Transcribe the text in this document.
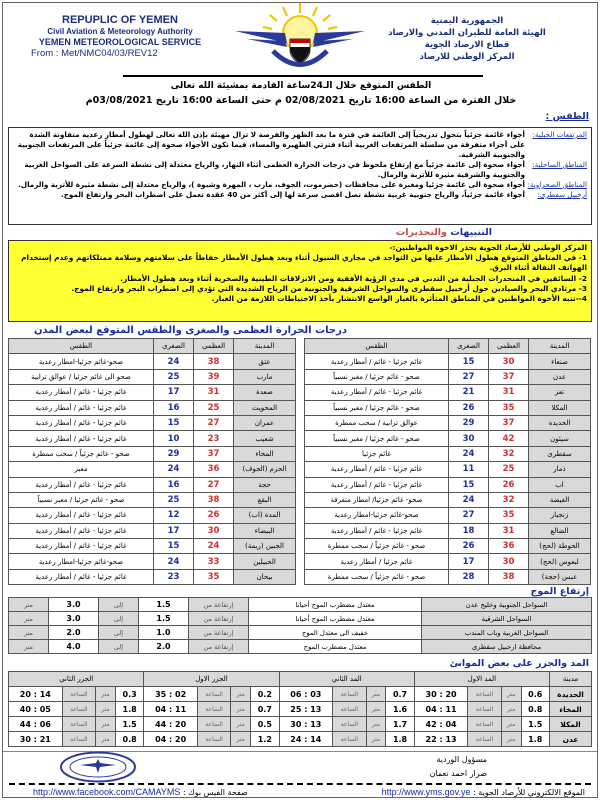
REPUPLIC OF YEMEN
Civil Aviation & Meteorology Authority
YEMEN METEOROLOGICAL SERVICE
From : Met/NMC04/03/REV12
الجمهورية اليمنية
الهيئة العامة للطيران المدني والارصاد
قطاع الارصاد الجوية
المركز الوطني للارصاد
الطقس المتوقع خلال الـ24ساعة القادمة بمشيئة الله تعالى
خلال الفترة من الساعة 16:00 تاريخ 02/08/2021 م حتى الساعة 16:00 تاريخ 03/08/2021م
الطقس :
المرتفعات الجبلية:
أجواء غائمة جزئياً بتحول تدريجياً إلى الغائمة في فترة ما بعد الظهر والفرصة لا تزال مهيئة بإذن الله تعالى لهطول أمطار رعدية متفاوتة الشدة على أجزاء متفرقة من سلسلة المرتفعات الغربية أثناء فترتي الظهيرة والمساء، فيما تكون الأجواء صحوة إلى غائمة جزئياً على المرتفعات الجنوبية والجنوبية الشرقية.
المناطق الساحلية:
أجواء صحوة إلى غائمة جزئياً مع إرتفاع ملحوظ في درجات الحرارة العظمى أثناء النهار، والرياح معتدلة إلى نشطة السرعة على السواحل الغربية والجنوبية والشرقية مثيرة للأتربة والرمال.
المناطق الصحراوية:
أجواء صحوة الى غائمة جزئيا ومغبرة على محافظات (حضرموت، الجوف، مارب ، المهرة وشبوة )، والرياح معتدلة إلى نشطة مثيرة للأتربة والرمال.
أرخبيل سقطرى:
أجواء غائمة جزئياً، والرياح جنوبية غربية نشطة تصل اقصى سرعة لها إلى أكثر من 40 عقدة تعمل على اضطراب البحر وارتفاع الموج.
التنبيهات والتحذيرات
المركز الوطني للأرصاد الجوية يحذر الاخوة المواطنين:-
1- في المناطق المتوقع هطول الأمطار عليها من التواجد في مجاري السيول أثناء وبعد هطول الأمطار حفاظاً على سلامتهم وسلامة ممتلكاتهم وعدم إستخدام الهواتف النقالة أثناء البرق.
2- السائقين في المنحدرات الجبلية من التدني في مدى الرؤية الأفقية ومن الانزلاقات الطينية والصخرية أثناء وبعد هطول الأمطار.
3- مرتادي البحر والصيادين حول أرخبيل سقطرى والسواحل الشرقية والجنوبية من الرياح الشديدة التي تؤدي إلى اضطراب البحر وارتفاع الموج.
4--تنبه الأخوة المواطنين في المناطق المتأثرة بالغبار الواسع الانتشار بأخذ الاحتياطات اللازمة من الغبار.
درجات الحرارة العظمى والصغرى والطقس المتوقع لبعض المدن
المدينة	العظمى	الصغرى	الطقس
صنعاء	30	15	غائم جزئيا - غائم / أمطار رعدية
عدن	37	27	صحو - غائم جزئيا / مغبر نسبياً
تعز	31	21	غائم جزئيا - غائم / أمطار رعدية
المكلا	35	26	صحو - غائم جزئيا / مغبر نسبياً
الحديدة	37	29	عوالق ترابية / سحب ممطرة
سيئون	42	30	صحو - غائم جزئيا / مغبر نسبياً
سقطرى	32	24	غائم جزئيا
ذمار	25	11	غائم جزئيا - غائم / أمطار رعدية
اب	26	15	غائم جزئيا - غائم / أمطار رعدية
الغيضة	32	24	صحو- غائم جزئيا/ امطار متفرقة
زنجبار	35	27	صحو-غائم جزئيا-امطار رعدية
الضالع	31	18	غائم جزئيا - غائم / أمطار رعدية
الحوطة (لحج)	36	26	صحو - غائم جزئياً / سحب ممطرة
لبعوس (لحج)	30	17	غائم جزئيا / أمطار رعدية
عبس (حجة)	38	28	صحو - غائم جزئياً / سحب ممطرة
المدينة	العظمى	الصغرى	الطقس
عتق	38	24	صحو-غائم جزئيا-امطار رعدية
مارب	39	25	صحو الى غائم جزئيا / عوالق ترابية
صعدة	31	17	غائم جزئيا - غائم / أمطار رعدية
المحويت	25	16	غائم جزئيا - غائم / أمطار رعدية
عمران	27	15	غائم جزئيا - غائم / أمطار رعدية
شعيب	23	10	غائم جزئيا - غائم / أمطار رعدية
المخاء	37	29	صحو - غائم جزئياً / سحب ممطرة
الحزم (الجوف)	36	24	مغبر
حجة	27	16	غائم جزئيا - غائم / أمطار رعدية
البقع	38	25	صحو - غائم جزئيا / مغبر نسبياً
المدة (اب)	26	12	غائم جزئيا - غائم / أمطار رعدية
البيضاء	30	17	غائم جزئيا - غائم / أمطار رعدية
الجبين (ريمة)	24	15	غائم جزئيا - غائم / أمطار رعدية
الحبيلين	33	24	صحو-غائم جزئيا-امطار رعدية
بيحان	35	23	غائم جزئيا - غائم / أمطار رعدية
إرتفاع الموج
السواحل الجنوبية وخليج عدن	معتدل مضطرب الموج أحيانا	إرتفاعة من	1.5	إلى	3.0	متر
السواحل الشرقية	معتدل مضطرب الموج أحيانا	إرتفاعة من	1.5	إلى	3.0	متر
السواحل الغربية وباب المندب	خفيف الى معتدل الموج	إرتفاعة من	1.0	إلى	2.0	متر
محافظة ارخبيل سقطرى	معتدل مضطرب الموج	إرتفاعة من	2.0	إلى	4.0	متر
المد والجزر على بعض الموانئ
مدينة	المد الاول				المد الثاني				الجزر الاول				الجزر الثاني			
الحديدة	0.6	متر	الساعة	20 : 30	0.7	متر	الساعة	03 : 06	0.2	متر	الساعة	02 : 35	0.3	متر	الساعة	14 : 20
المخاء	0.8	متر	الساعة	11 : 04	1.6	متر	الساعة	13 : 25	0.7	متر	الساعة	11 : 04	1.8	متر	الساعة	05 : 40
المكلا	1.5	متر	الساعة	04 : 42	1.7	متر	الساعة	13 : 30	0.5	متر	الساعة	20 : 44	1.5	متر	الساعة	06 : 44
عدن	1.8	متر	الساعة	13 : 22	1.8	متر	الساعة	14 : 24	1.2	متر	الساعة	20 : 04	0.8	متر	الساعة	21 : 30
مسؤول الوردية
ضرار احمد نعمان
الموقع الالكتروني للأرصاد الجوية : http://www.yms.gov.ye
صفحة الفيس بوك : http://www.facebook.com/CAMAYMS
